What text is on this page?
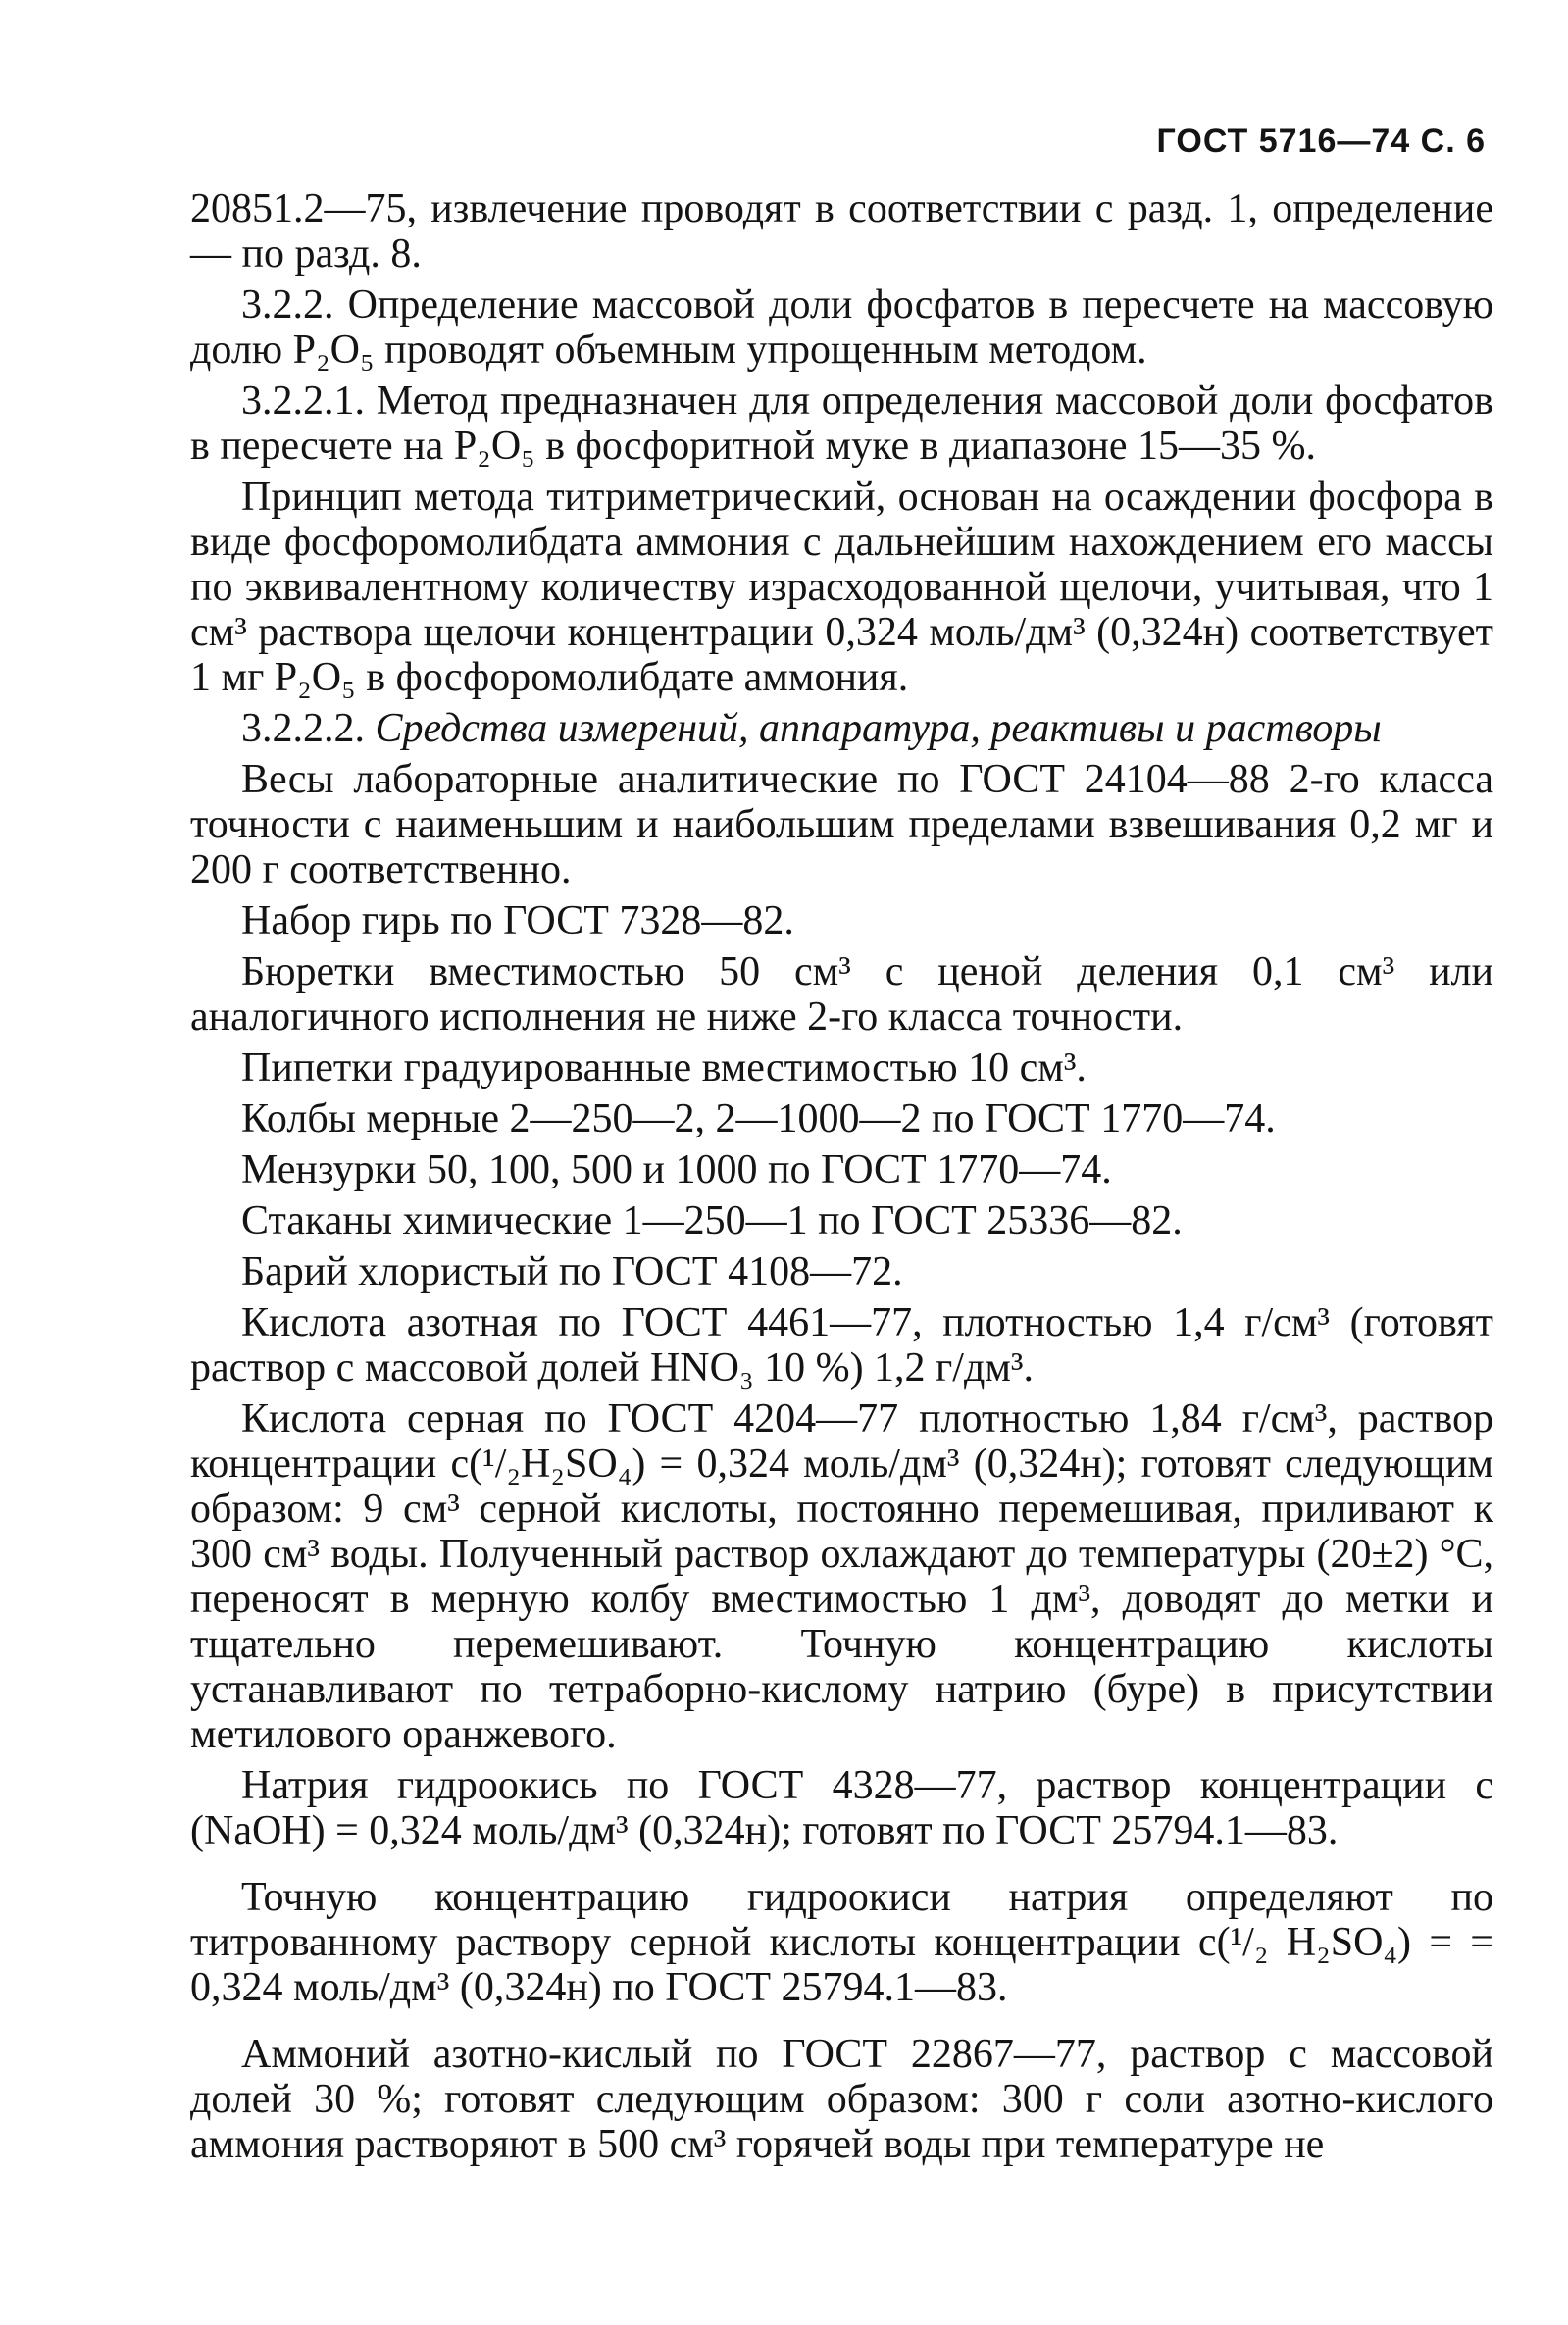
ГОСТ 5716—74 С. 6

20851.2—75, извлечение проводят в соответствии с разд. 1, определение — по разд. 8.

3.2.2. Определение массовой доли фосфатов в пересчете на массовую долю P₂O₅ проводят объемным упрощенным методом.

3.2.2.1. Метод предназначен для определения массовой доли фосфатов в пересчете на P₂O₅ в фосфоритной муке в диапазоне 15—35 %.

Принцип метода титриметрический, основан на осаждении фосфора в виде фосфоромолибдата аммония с дальнейшим нахождением его массы по эквивалентному количеству израсходованной щелочи, учитывая, что 1 см³ раствора щелочи концентрации 0,324 моль/дм³ (0,324н) соответствует 1 мг P₂O₅ в фосфоромолибдате аммония.

3.2.2.2. Средства измерений, аппаратура, реактивы и растворы

Весы лабораторные аналитические по ГОСТ 24104—88 2-го класса точности с наименьшим и наибольшим пределами взвешивания 0,2 мг и 200 г соответственно.

Набор гирь по ГОСТ 7328—82.

Бюретки вместимостью 50 см³ с ценой деления 0,1 см³ или аналогичного исполнения не ниже 2-го класса точности.

Пипетки градуированные вместимостью 10 см³.

Колбы мерные 2—250—2, 2—1000—2 по ГОСТ 1770—74.

Мензурки 50, 100, 500 и 1000 по ГОСТ 1770—74.

Стаканы химические 1—250—1 по ГОСТ 25336—82.

Барий хлористый по ГОСТ 4108—72.

Кислота азотная по ГОСТ 4461—77, плотностью 1,4 г/см³ (готовят раствор с массовой долей HNO₃ 10 %) 1,2 г/дм³.

Кислота серная по ГОСТ 4204—77 плотностью 1,84 г/см³, раствор концентрации c(¹/₂H₂SO₄) = 0,324 моль/дм³ (0,324н); готовят следующим образом: 9 см³ серной кислоты, постоянно перемешивая, приливают к 300 см³ воды. Полученный раствор охлаждают до температуры (20±2) °С, переносят в мерную колбу вместимостью 1 дм³, доводят до метки и тщательно перемешивают. Точную концентрацию кислоты устанавливают по тетраборно-кислому натрию (буре) в присутствии метилового оранжевого.

Натрия гидроокись по ГОСТ 4328—77, раствор концентрации с (NaOH) = 0,324 моль/дм³ (0,324н); готовят по ГОСТ 25794.1—83.

Точную концентрацию гидроокиси натрия определяют по титрованному раствору серной кислоты концентрации c(¹/₂ H₂SO₄) = = 0,324 моль/дм³ (0,324н) по ГОСТ 25794.1—83.

Аммоний азотно-кислый по ГОСТ 22867—77, раствор с массовой долей 30 %; готовят следующим образом: 300 г соли азотно-кислого аммония растворяют в 500 см³ горячей воды при температуре не
